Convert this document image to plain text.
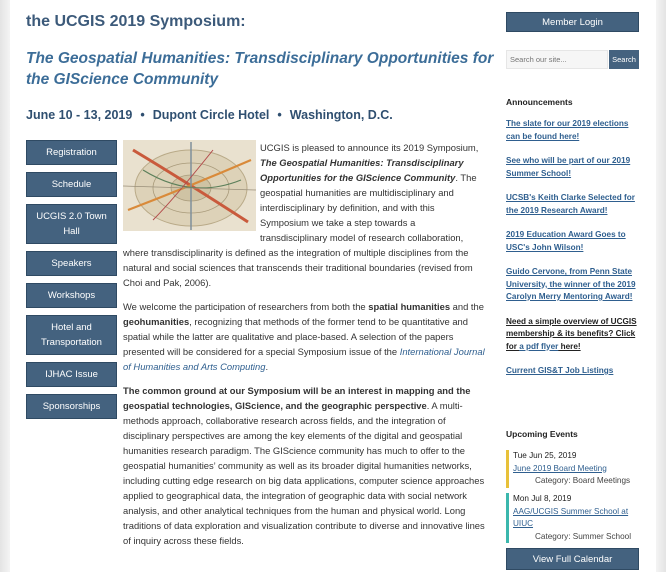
the UCGIS 2019 Symposium:
The Geospatial Humanities: Transdisciplinary Opportunities for the GIScience Community
June 10 - 13, 2019 • Dupont Circle Hotel • Washington, D.C.
Registration
Schedule
UCGIS 2.0 Town Hall
Speakers
Workshops
Hotel and Transportation
IJHAC Issue
Sponsorships

UCGIS is pleased to announce its 2019 Symposium, The Geospatial Humanities: Transdisciplinary Opportunities for the GIScience Community. The geospatial humanities are multidisciplinary and interdisciplinary by definition, and with this Symposium we take a step towards a transdisciplinary model of research collaboration, where transdisciplinarity is defined as the integration of multiple disciplines from the natural and social sciences that transcends their traditional boundaries (revised from Choi and Pak, 2006).

We welcome the participation of researchers from both the spatial humanities and the geohumanities, recognizing that methods of the former tend to be quantitative and spatial while the latter are qualitative and place-based. A selection of the papers presented will be considered for a special Symposium issue of the International Journal of Humanities and Arts Computing.

The common ground at our Symposium will be an interest in mapping and the geospatial technologies, GIScience, and the geographic perspective. A multi-methods approach, collaborative research across fields, and the integration of disciplinary perspectives are among the key elements of the digital and geospatial humanities research paradigm. The GIScience community has much to offer to the geospatial humanities’ community as well as its broader digital humanities networks, including cutting edge research on big data applications, computer science approaches applied to geographical data, the integration of geographic data with social network analysis, and other analytical techniques from the human and physical world. Long traditions of data exploration and visualization contribute to diverse and innovative lines of inquiry across these fields.

Member Login
Search our site...
Search
Announcements
The slate for our 2019 elections can be found here!
See who will be part of our 2019 Summer School!
UCSB's Keith Clarke Selected for the 2019 Research Award!
2019 Education Award Goes to USC's John Wilson!
Guido Cervone, from Penn State University, the winner of the 2019 Carolyn Merry Mentoring Award!
Need a simple overview of UCGIS membership & its benefits? Click for a pdf flyer here!
Current GIS&T Job Listings
Upcoming Events
Tue Jun 25, 2019
June 2019 Board Meeting
Category: Board Meetings
Mon Jul 8, 2019
AAG/UCGIS Summer School at UIUC
Category: Summer School
View Full Calendar
